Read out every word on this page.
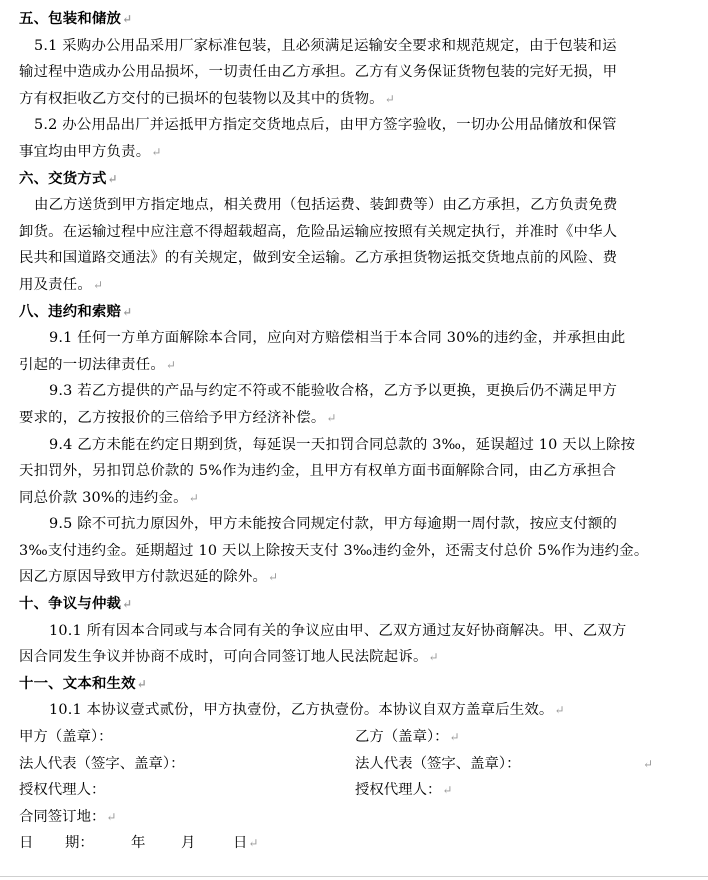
五、包装和储放↵
5.1 采购办公用品采用厂家标准包装，且必须满足运输安全要求和规范规定，由于包装和运
输过程中造成办公用品损坏，一切责任由乙方承担。乙方有义务保证货物包装的完好无损，甲
方有权拒收乙方交付的已损坏的包装物以及其中的货物。↵
5.2 办公用品出厂并运抵甲方指定交货地点后，由甲方签字验收，一切办公用品储放和保管
事宜均由甲方负责。↵
六、交货方式↵
由乙方送货到甲方指定地点，相关费用（包括运费、装卸费等）由乙方承担，乙方负责免费
卸货。在运输过程中应注意不得超载超高，危险品运输应按照有关规定执行，并准时《中华人
民共和国道路交通法》的有关规定，做到安全运输。乙方承担货物运抵交货地点前的风险、费
用及责任。↵
八、违约和索赔↵
9.1 任何一方单方面解除本合同，应向对方赔偿相当于本合同 30%的违约金，并承担由此
引起的一切法律责任。↵
9.3 若乙方提供的产品与约定不符或不能验收合格，乙方予以更换，更换后仍不满足甲方
要求的，乙方按报价的三倍给予甲方经济补偿。↵
9.4 乙方未能在约定日期到货，每延误一天扣罚合同总款的 3‰，延误超过 10 天以上除按
天扣罚外，另扣罚总价款的 5%作为违约金，且甲方有权单方面书面解除合同，由乙方承担合
同总价款 30%的违约金。↵
9.5 除不可抗力原因外，甲方未能按合同规定付款，甲方每逾期一周付款，按应支付额的
3‰支付违约金。延期超过 10 天以上除按天支付 3‰违约金外，还需支付总价 5%作为违约金。
因乙方原因导致甲方付款迟延的除外。↵
十、争议与仲裁↵
10.1 所有因本合同或与本合同有关的争议应由甲、乙双方通过友好协商解决。甲、乙双方
因合同发生争议并协商不成时，可向合同签订地人民法院起诉。↵
十一、文本和生效↵
10.1 本协议壹式贰份，甲方执壹份，乙方执壹份。本协议自双方盖章后生效。↵
甲方（盖章）：	乙方（盖章）：↵
法人代表（签字、盖章）：	法人代表（签字、盖章）：	↵
授权代理人：	授权代理人：↵
合同签订地：↵
日 期：	年 月	日↵
